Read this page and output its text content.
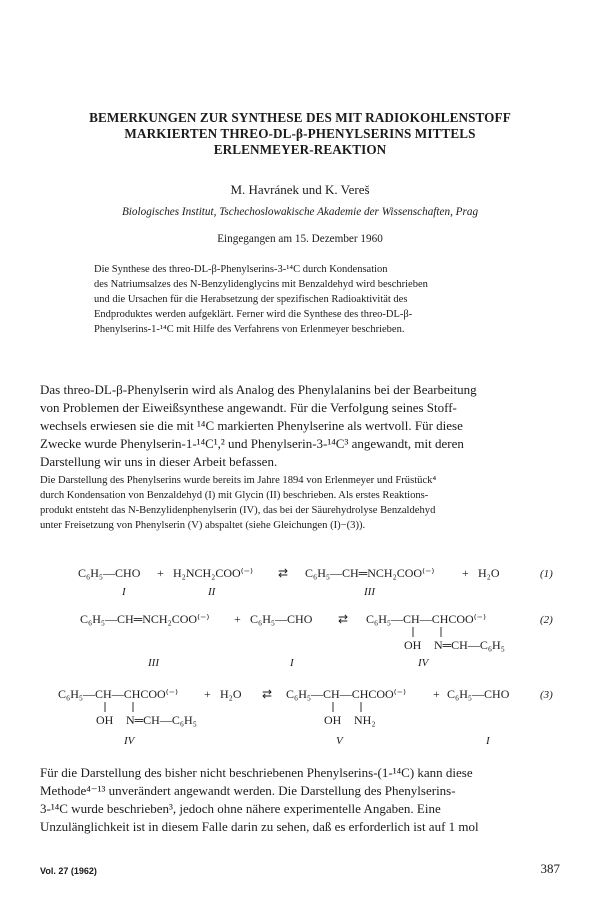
BEMERKUNGEN ZUR SYNTHESE DES MIT RADIOKOHLENSTOFF
MARKIERTEN THREO-DL-β-PHENYLSERINS MITTELS
ERLENMEYER-REAKTION
M. Havránek und K. Vereš
Biologisches Institut, Tschechoslowakische Akademie der Wissenschaften, Prag
Eingegangen am 15. Dezember 1960
Die Synthese des threo-DL-β-Phenylserins-3-¹⁴C durch Kondensation
des Natriumsalzes des N-Benzylidenglycins mit Benzaldehyd wird beschrieben
und die Ursachen für die Herabsetzung der spezifischen Radioaktivität des
Endproduktes werden aufgeklärt. Ferner wird die Synthese des threo-DL-β-
Phenylserins-1-¹⁴C mit Hilfe des Verfahrens von Erlenmeyer beschrieben.
Das threo-DL-β-Phenylserin wird als Analog des Phenylalanins bei der Bearbeitung
von Problemen der Eiweißsynthese angewandt. Für die Verfolgung seines Stoff-
wechsels erwiesen sie die mit ¹⁴C markierten Phenylserine als wertvoll. Für diese
Zwecke wurde Phenylserin-1-¹⁴C¹,² und Phenylserin-3-¹⁴C³ angewandt, mit deren
Darstellung wir uns in dieser Arbeit befassen.
Die Darstellung des Phenylserins wurde bereits im Jahre 1894 von Erlenmeyer und Früstück⁴
durch Kondensation von Benzaldehyd (I) mit Glycin (II) beschrieben. Als erstes Reaktions-
produkt entsteht das N-Benzylidenphenylserin (IV), das bei der Säurehydrolyse Benzaldehyd
unter Freisetzung von Phenylserin (V) abspaltet (siehe Gleichungen (I)−(3)).
C₆H₅—CHO + H₂NCH₂COO⁽⁻⁾ ⇄ C₆H₅—CH═NCH₂COO⁽⁻⁾ + H₂O	(1)
I	II	III
C₆H₅—CH═NCH₂COO⁽⁻⁾ + C₆H₅—CHO ⇄ C₆H₅—CH—CHCOO⁽⁻⁾
OH N═CH—C₆H₅
(2)
III	I	IV
C₆H₅—CH—CHCOO⁽⁻⁾
OH N═CH—C₆H₅
+ H₂O ⇄ C₆H₅—CH—CHCOO⁽⁻⁾
OH NH₂
+ C₆H₅—CHO	(3)
IV	V	I
Für die Darstellung des bisher nicht beschriebenen Phenylserins-(1-¹⁴C) kann diese
Methode⁴⁻¹³ unverändert angewandt werden. Die Darstellung des Phenylserins-
3-¹⁴C wurde beschrieben³, jedoch ohne nähere experimentelle Angaben. Eine
Unzulänglichkeit ist in diesem Falle darin zu sehen, daß es erforderlich ist auf 1 mol
Vol. 27 (1962)	387
